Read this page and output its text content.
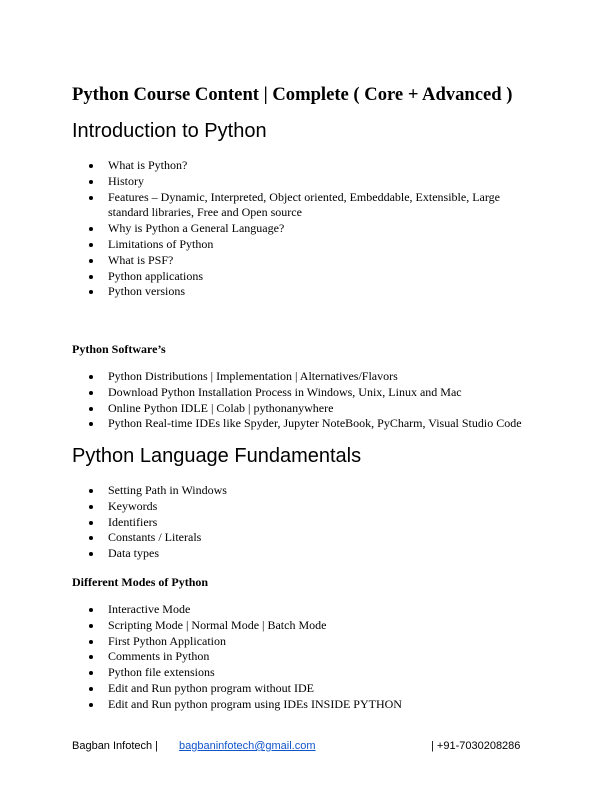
Python Course Content | Complete ( Core + Advanced )
Introduction to Python
What is Python?
History
Features – Dynamic, Interpreted, Object oriented, Embeddable, Extensible, Large standard libraries, Free and Open source
Why is Python a General Language?
Limitations of Python
What is PSF?
Python applications
Python versions
Python Software’s
Python Distributions | Implementation | Alternatives/Flavors
Download Python Installation Process in Windows, Unix, Linux and Mac
Online Python IDLE | Colab | pythonanywhere
Python Real-time IDEs like Spyder, Jupyter NoteBook, PyCharm, Visual Studio Code
Python Language Fundamentals
Setting Path in Windows
Keywords
Identifiers
Constants / Literals
Data types
Different Modes of Python
Interactive Mode
Scripting Mode | Normal Mode | Batch Mode
First Python Application
Comments in Python
Python file extensions
Edit and Run python program without IDE
Edit and Run python program using IDEs INSIDE PYTHON
Bagban Infotech | bagbaninfotech@gmail.com	| +91-7030208286
